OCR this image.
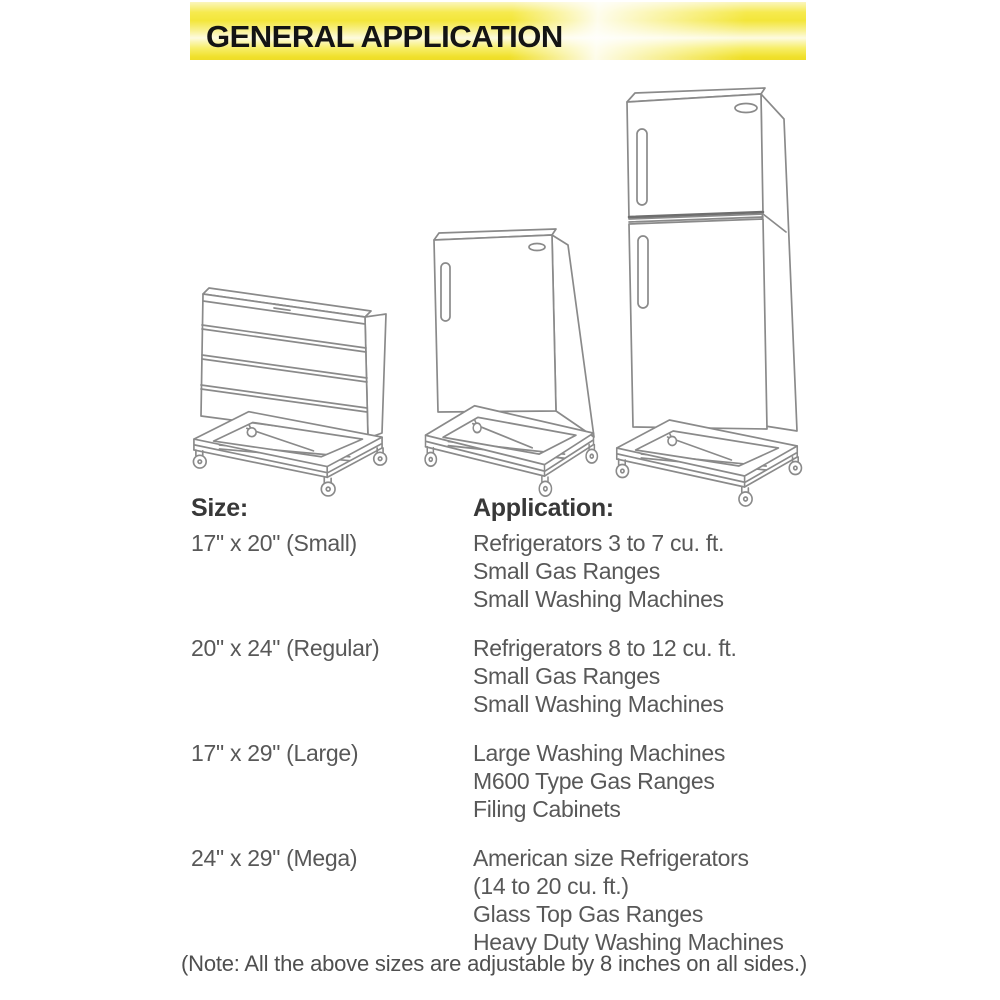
GENERAL APPLICATION
Size:	Application:
17" x 20" (Small)	Refrigerators 3 to 7 cu. ft.
Small Gas Ranges
Small Washing Machines
20" x 24" (Regular)	Refrigerators 8 to 12 cu. ft.
Small Gas Ranges
Small Washing Machines
17" x 29" (Large)	Large Washing Machines
M600 Type Gas Ranges
Filing Cabinets
24" x 29" (Mega)	American size Refrigerators
(14 to 20 cu. ft.)
Glass Top Gas Ranges
Heavy Duty Washing Machines
(Note: All the above sizes are adjustable by 8 inches on all sides.)
